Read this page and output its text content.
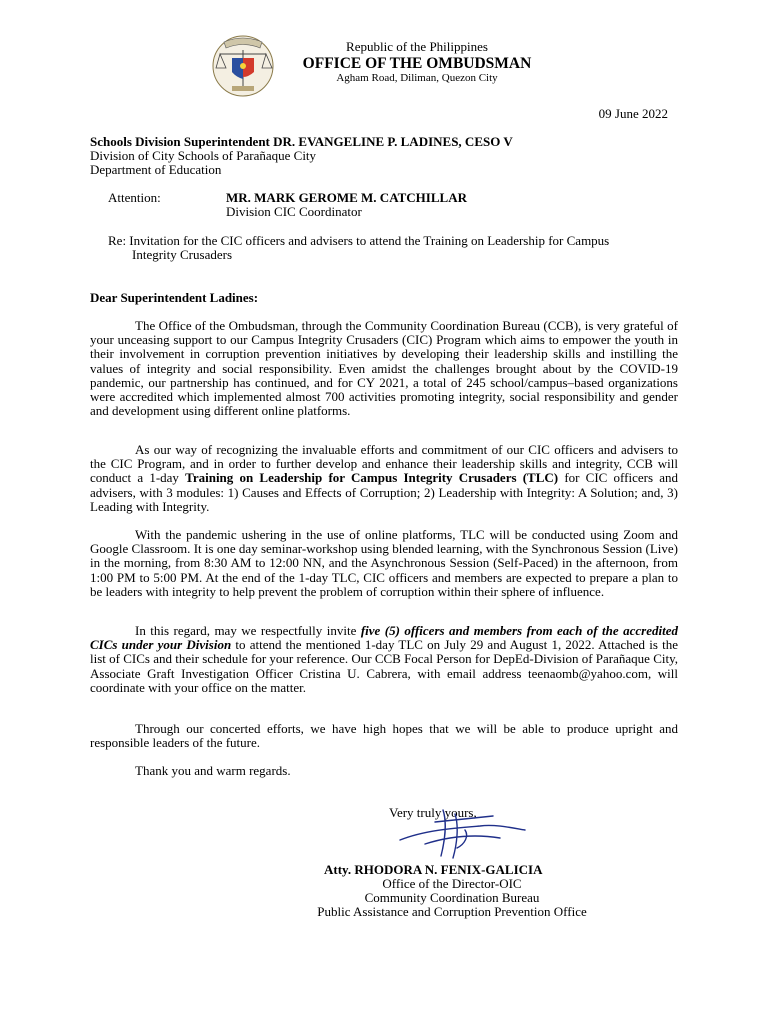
Republic of the Philippines
OFFICE OF THE OMBUDSMAN
Agham Road, Diliman, Quezon City
09 June 2022
Schools Division Superintendent DR. EVANGELINE P. LADINES, CESO V
Division of City Schools of Parañaque City
Department of Education
Attention:	MR. MARK GEROME M. CATCHILLAR
Division CIC Coordinator
Re: Invitation for the CIC officers and advisers to attend the Training on Leadership for Campus
Integrity Crusaders
Dear Superintendent Ladines:

The Office of the Ombudsman, through the Community Coordination Bureau (CCB), is very grateful of your unceasing support to our Campus Integrity Crusaders (CIC) Program which aims to empower the youth in their involvement in corruption prevention initiatives by developing their leadership skills and instilling the values of integrity and social responsibility. Even amidst the challenges brought about by the COVID-19 pandemic, our partnership has continued, and for CY 2021, a total of 245 school/campus–based organizations were accredited which implemented almost 700 activities promoting integrity, social responsibility and gender and development using different online platforms.

As our way of recognizing the invaluable efforts and commitment of our CIC officers and advisers to the CIC Program, and in order to further develop and enhance their leadership skills and integrity, CCB will conduct a 1-day Training on Leadership for Campus Integrity Crusaders (TLC) for CIC officers and advisers, with 3 modules: 1) Causes and Effects of Corruption; 2) Leadership with Integrity: A Solution; and, 3) Leading with Integrity.

With the pandemic ushering in the use of online platforms, TLC will be conducted using Zoom and Google Classroom. It is one day seminar-workshop using blended learning, with the Synchronous Session (Live) in the morning, from 8:30 AM to 12:00 NN, and the Asynchronous Session (Self-Paced) in the afternoon, from 1:00 PM to 5:00 PM. At the end of the 1-day TLC, CIC officers and members are expected to prepare a plan to be leaders with integrity to help prevent the problem of corruption within their sphere of influence.

In this regard, may we respectfully invite five (5) officers and members from each of the accredited CICs under your Division to attend the mentioned 1-day TLC on July 29 and August 1, 2022. Attached is the list of CICs and their schedule for your reference. Our CCB Focal Person for DepEd-Division of Parañaque City, Associate Graft Investigation Officer Cristina U. Cabrera, with email address teenaomb@yahoo.com, will coordinate with your office on the matter.

Through our concerted efforts, we have high hopes that we will be able to produce upright and responsible leaders of the future.

Thank you and warm regards.

Very truly yours,
Atty. RHODORA N. FENIX-GALICIA
Office of the Director-OIC
Community Coordination Bureau
Public Assistance and Corruption Prevention Office
